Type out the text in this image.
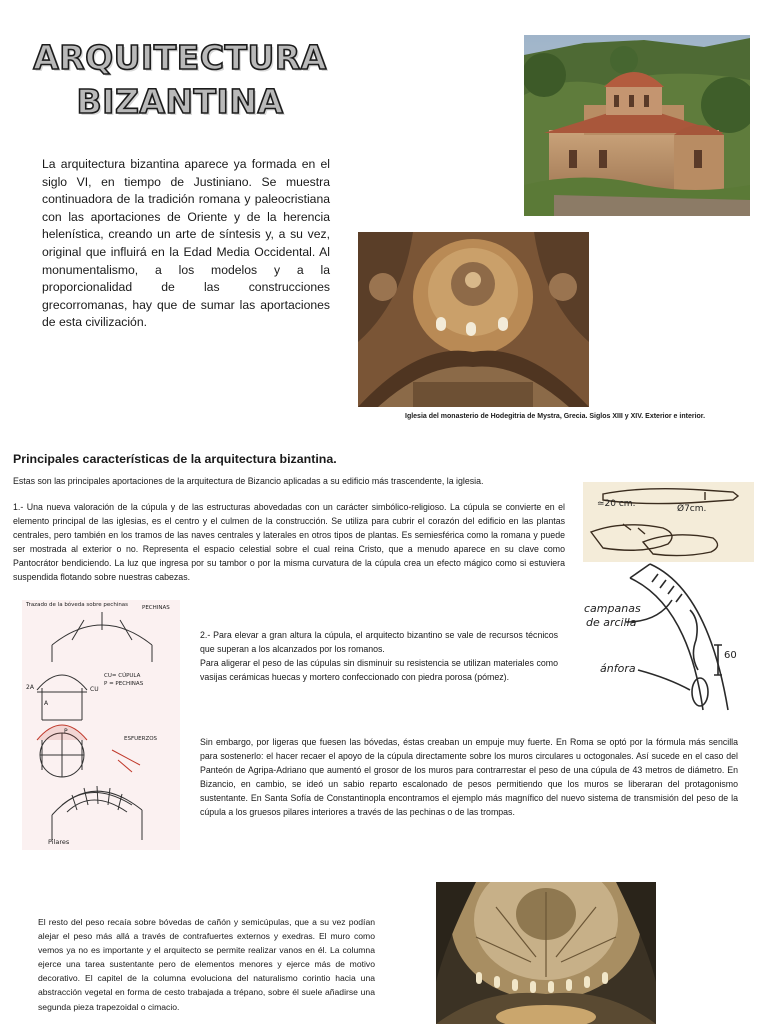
ARQUITECTURA
BIZANTINA
La arquitectura bizantina aparece ya formada en el siglo VI, en tiempo de Justiniano. Se muestra continuadora de la tradición romana y paleocristiana con las aportaciones de Oriente y de la herencia helenística, creando un arte de síntesis y, a su vez, original que influirá en la Edad Media Occidental. Al monumentalismo, a los modelos y a la proporcionalidad de las construcciones grecorromanas, hay que de sumar las aportaciones de esta civilización.
Iglesia del monasterio de Hodegitria de Mystra, Grecia. Siglos XIII y XIV. Exterior e interior.
Principales características de la arquitectura bizantina.
Estas son las principales aportaciones de la arquitectura de Bizancio aplicadas a su edificio más trascendente, la iglesia.
1.- Una nueva valoración de la cúpula y de las estructuras abovedadas con un carácter simbólico-religioso. La cúpula se convierte en el elemento principal de las iglesias, es el centro y el culmen de la construcción. Se utiliza para cubrir el corazón del edificio en las plantas centrales, pero también en los tramos de las naves centrales y laterales en otros tipos de plantas. Es semiesférica como la romana y puede ser mostrada al exterior o no. Representa el espacio celestial sobre el cual reina Cristo, que a menudo aparece en su clave como Pantocrátor bendiciendo. La luz que ingresa por su tambor o por la misma curvatura de la cúpula crea un efecto mágico como si estuviera suspendida flotando sobre nuestras cabezas.
≃20 cm.	Ø7cm.
campanas
de arcilla
ánfora
60
2.- Para elevar a gran altura la cúpula, el arquitecto bizantino se vale de recursos técnicos que superan a los alcanzados por los romanos.
Para aligerar el peso de las cúpulas sin disminuir su resistencia se utilizan materiales como vasijas cerámicas huecas y mortero confeccionado con piedra porosa (pómez).
Trazado de la bóveda sobre pechinas	PECHINAS
CU= CÚPULA
P = PECHINAS
ESFUERZOS
Pilares
2A
A
CU
P
Sin embargo, por ligeras que fuesen las bóvedas, éstas creaban un empuje muy fuerte. En Roma se optó por la fórmula más sencilla para sostenerlo: el hacer recaer el apoyo de la cúpula directamente sobre los muros circulares u octogonales. Así sucede en el caso del Panteón de Agripa-Adriano que aumentó el grosor de los muros para contrarrestar el peso de una cúpula de 43 metros de diámetro. En Bizancio, en cambio, se ideó un sabio reparto escalonado de pesos permitiendo que los muros se liberaran del protagonismo sustentante. En Santa Sofía de Constantinopla encontramos el ejemplo más magnífico del nuevo sistema de transmisión del peso de la cúpula a los gruesos pilares interiores a través de las pechinas o de las trompas.
El resto del peso recaía sobre bóvedas de cañón y semicúpulas, que a su vez podían alejar el peso más allá a través de contrafuertes externos y exedras. El muro como vemos ya no es importante y el arquitecto se permite realizar vanos en él. La columna ejerce una tarea sustentante pero de elementos menores y ejerce más de motivo decorativo. El capitel de la columna evoluciona del naturalismo corintio hacia una abstracción vegetal en forma de cesto trabajada a trépano, sobre él suele añadirse una segunda pieza trapezoidal o cimacio.
